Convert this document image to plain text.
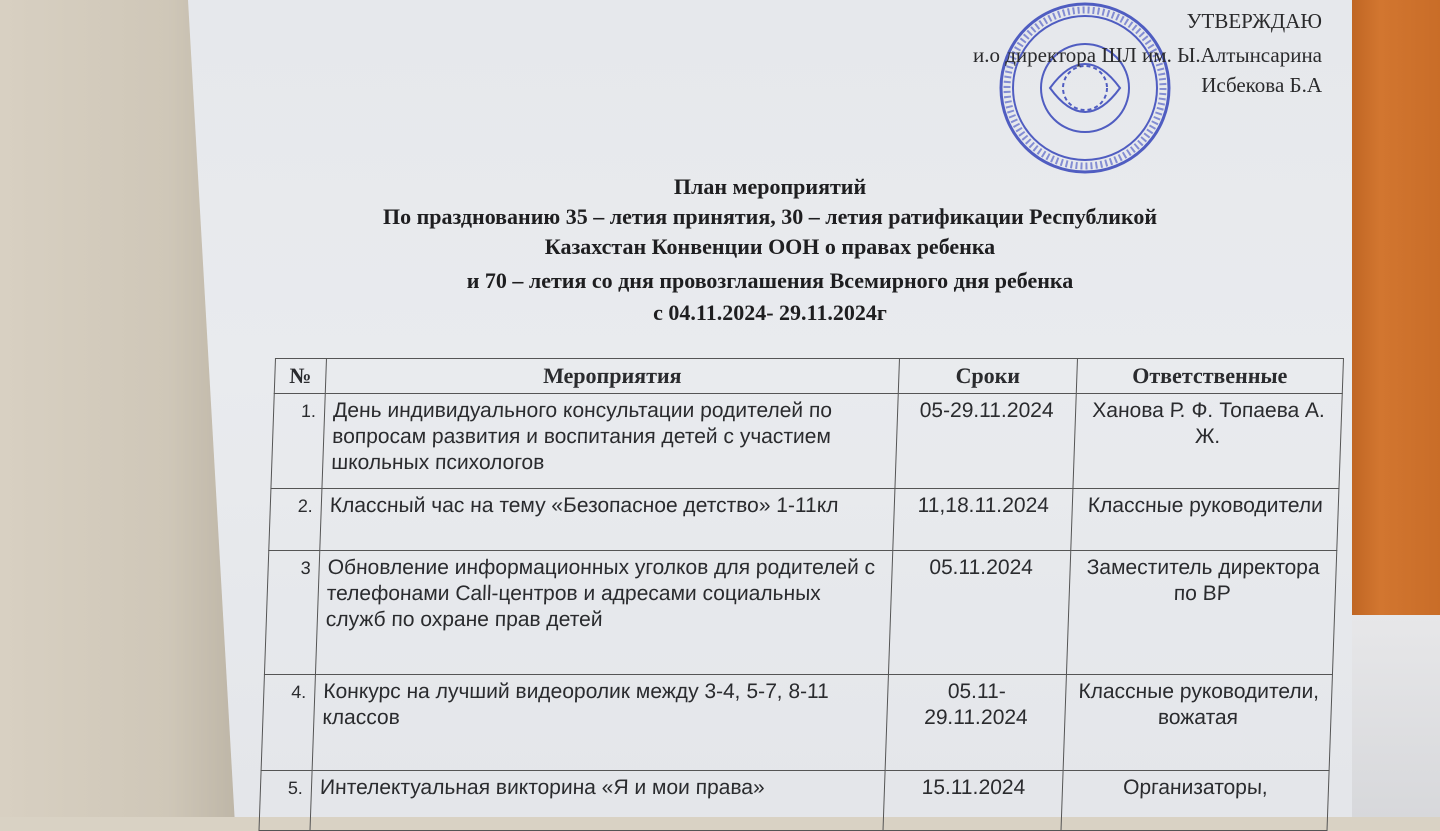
УТВЕРЖДАЮ
и.о директора ШЛ им. Ы.Алтынсарина
Исбекова Б.А
План мероприятий
По празднованию 35 – летия принятия, 30 – летия ратификации Республикой
Казахстан Конвенции ООН о правах ребенка
и 70 – летия со дня провозглашения Всемирного дня ребенка
с 04.11.2024- 29.11.2024г
№	Мероприятия	Сроки	Ответственные
1.	День индивидуального консультации родителей по вопросам развития и воспитания детей с участием школьных психологов	05-29.11.2024	Ханова Р. Ф. Топаева А. Ж.
2.	Классный час на тему «Безопасное детство» 1-11кл	11,18.11.2024	Классные руководители
3	Обновление информационных уголков для родителей с телефонами Call-центров и адресами социальных служб по охране прав детей	05.11.2024	Заместитель директора по ВР
4.	Конкурс на лучший видеоролик между 3-4, 5-7, 8-11 классов	05.11-29.11.2024	Классные руководители, вожатая
5.	Интелектуальная викторина «Я и мои права»	15.11.2024	Организаторы,
